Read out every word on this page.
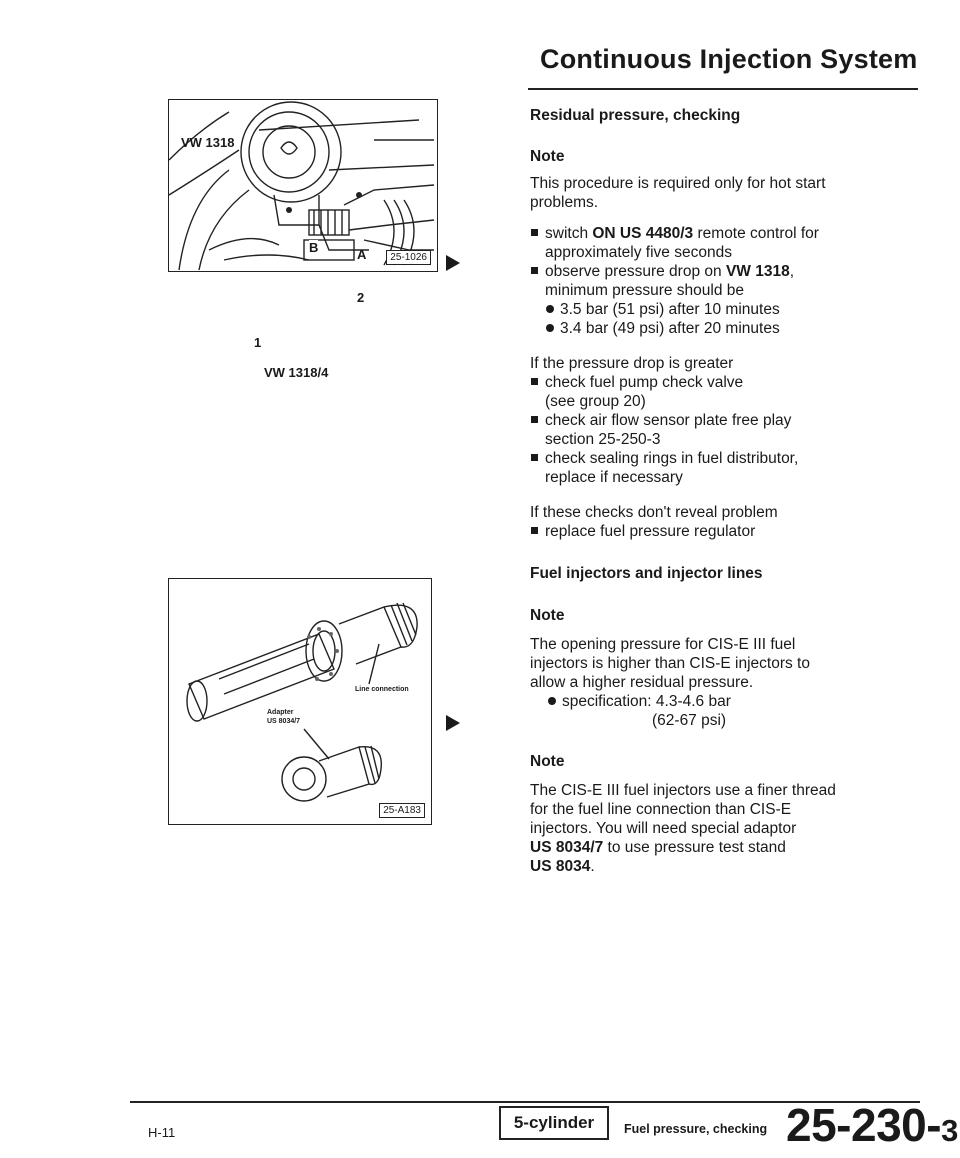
Continuous Injection System
VW 1318
B	A
2
1
VW 1318/4
25-1026
Line connection
Adapter
US 8034/7
25-A183
Residual pressure, checking
Note
This procedure is required only for hot start
problems.
switch ON US 4480/3 remote control for
approximately five seconds
observe pressure drop on VW 1318,
minimum pressure should be
3.5 bar (51 psi) after 10 minutes
3.4 bar (49 psi) after 20 minutes
If the pressure drop is greater
check fuel pump check valve
(see group 20)
check air flow sensor plate free play
section 25-250-3
check sealing rings in fuel distributor,
replace if necessary
If these checks don't reveal problem
replace fuel pressure regulator
Fuel injectors and injector lines
Note
The opening pressure for CIS-E III fuel
injectors is higher than CIS-E injectors to
allow a higher residual pressure.
specification: 4.3-4.6 bar
(62-67 psi)
Note
The CIS-E III fuel injectors use a finer thread
for the fuel line connection than CIS-E
injectors. You will need special adaptor
US 8034/7 to use pressure test stand
US 8034.
H-11
5-cylinder	Fuel pressure, checking 25-230-3
